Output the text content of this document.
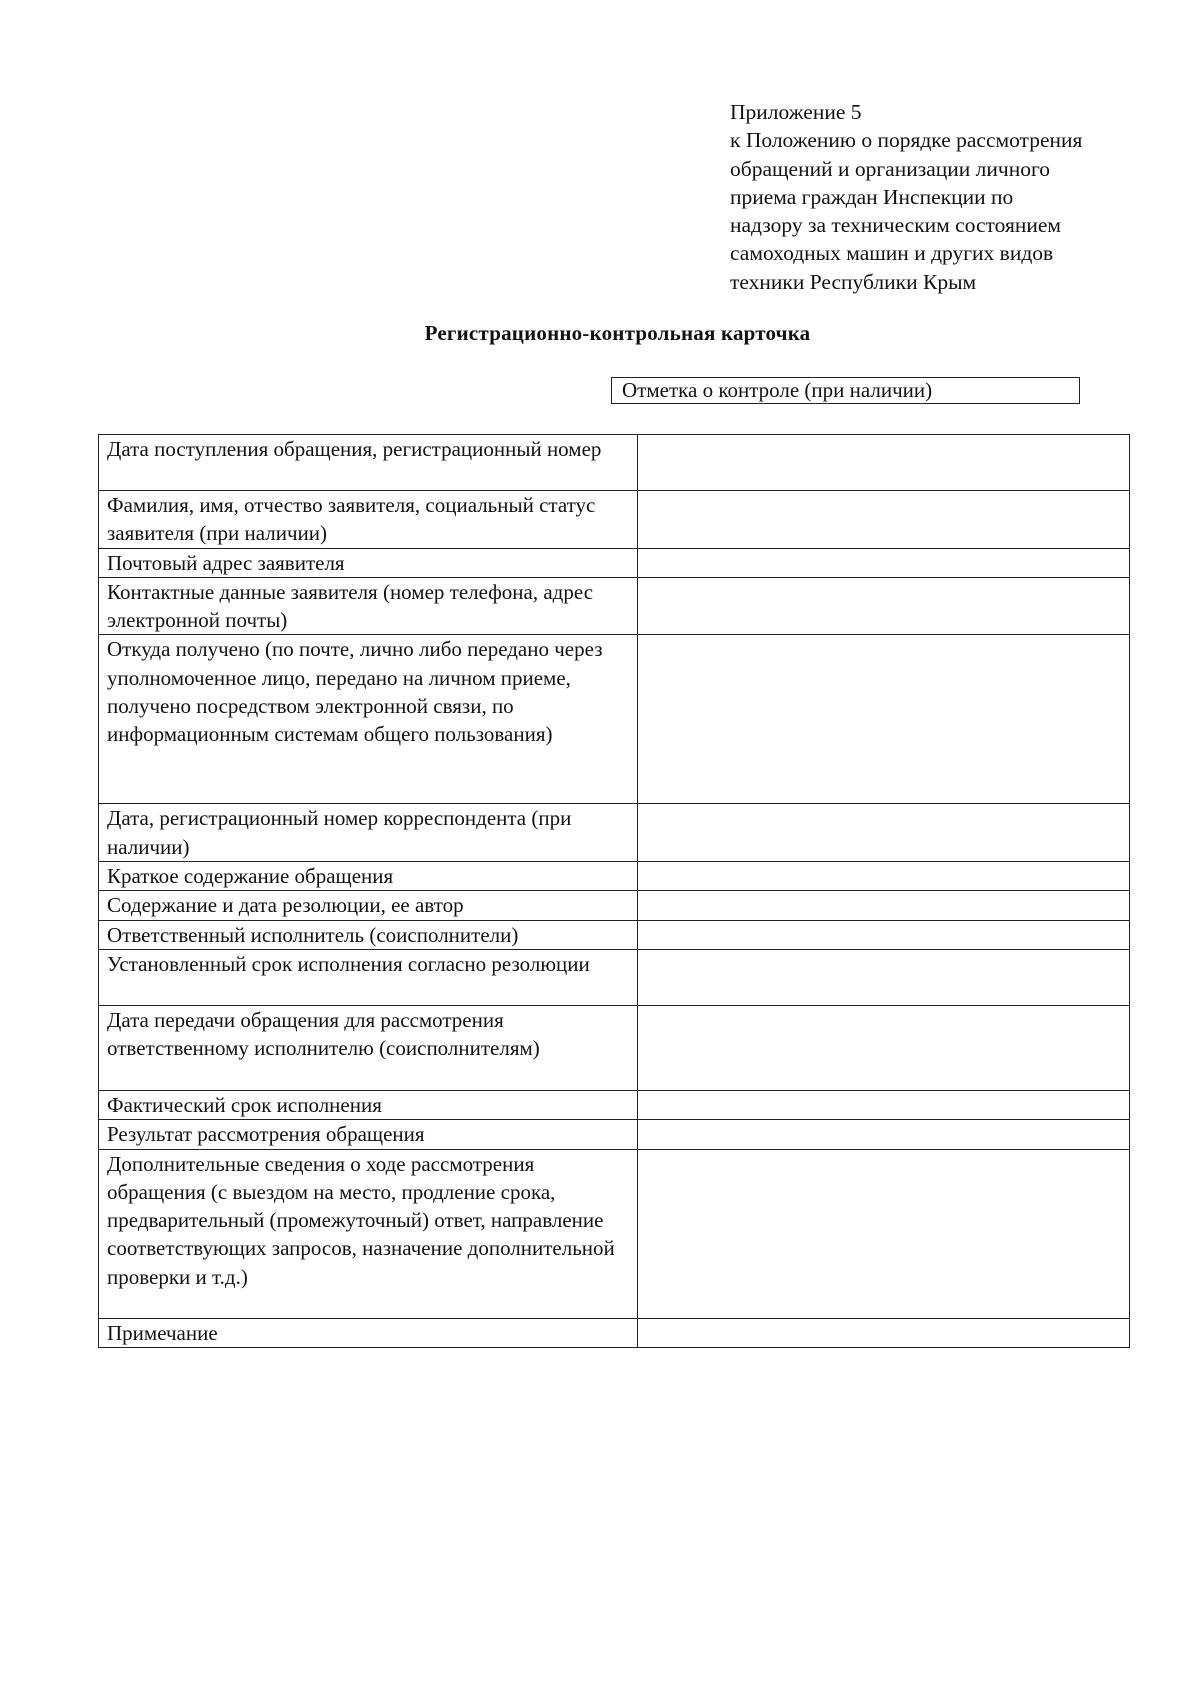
Приложение 5
к Положению о порядке рассмотрения
обращений и организации личного
приема граждан Инспекции по
надзору за техническим состоянием
самоходных машин и других видов
техники Республики Крым
Регистрационно-контрольная карточка
Отметка о контроле (при наличии)
Дата поступления обращения, регистрационный номер	
Фамилия, имя, отчество заявителя, социальный статус заявителя (при наличии)	
Почтовый адрес заявителя	
Контактные данные заявителя (номер телефона, адрес электронной почты)	
Откуда получено (по почте, лично либо передано через уполномоченное лицо, передано на личном приеме, получено посредством электронной связи, по информационным системам общего пользования)	
Дата, регистрационный номер корреспондента (при наличии)	
Краткое содержание обращения	
Содержание и дата резолюции, ее автор	
Ответственный исполнитель (соисполнители)	
Установленный срок исполнения согласно резолюции	
Дата передачи обращения для рассмотрения ответственному исполнителю (соисполнителям)	
Фактический срок исполнения	
Результат рассмотрения обращения	
Дополнительные сведения о ходе рассмотрения обращения (с выездом на место, продление срока, предварительный (промежуточный) ответ, направление соответствующих запросов, назначение дополнительной проверки и т.д.)	
Примечание	
